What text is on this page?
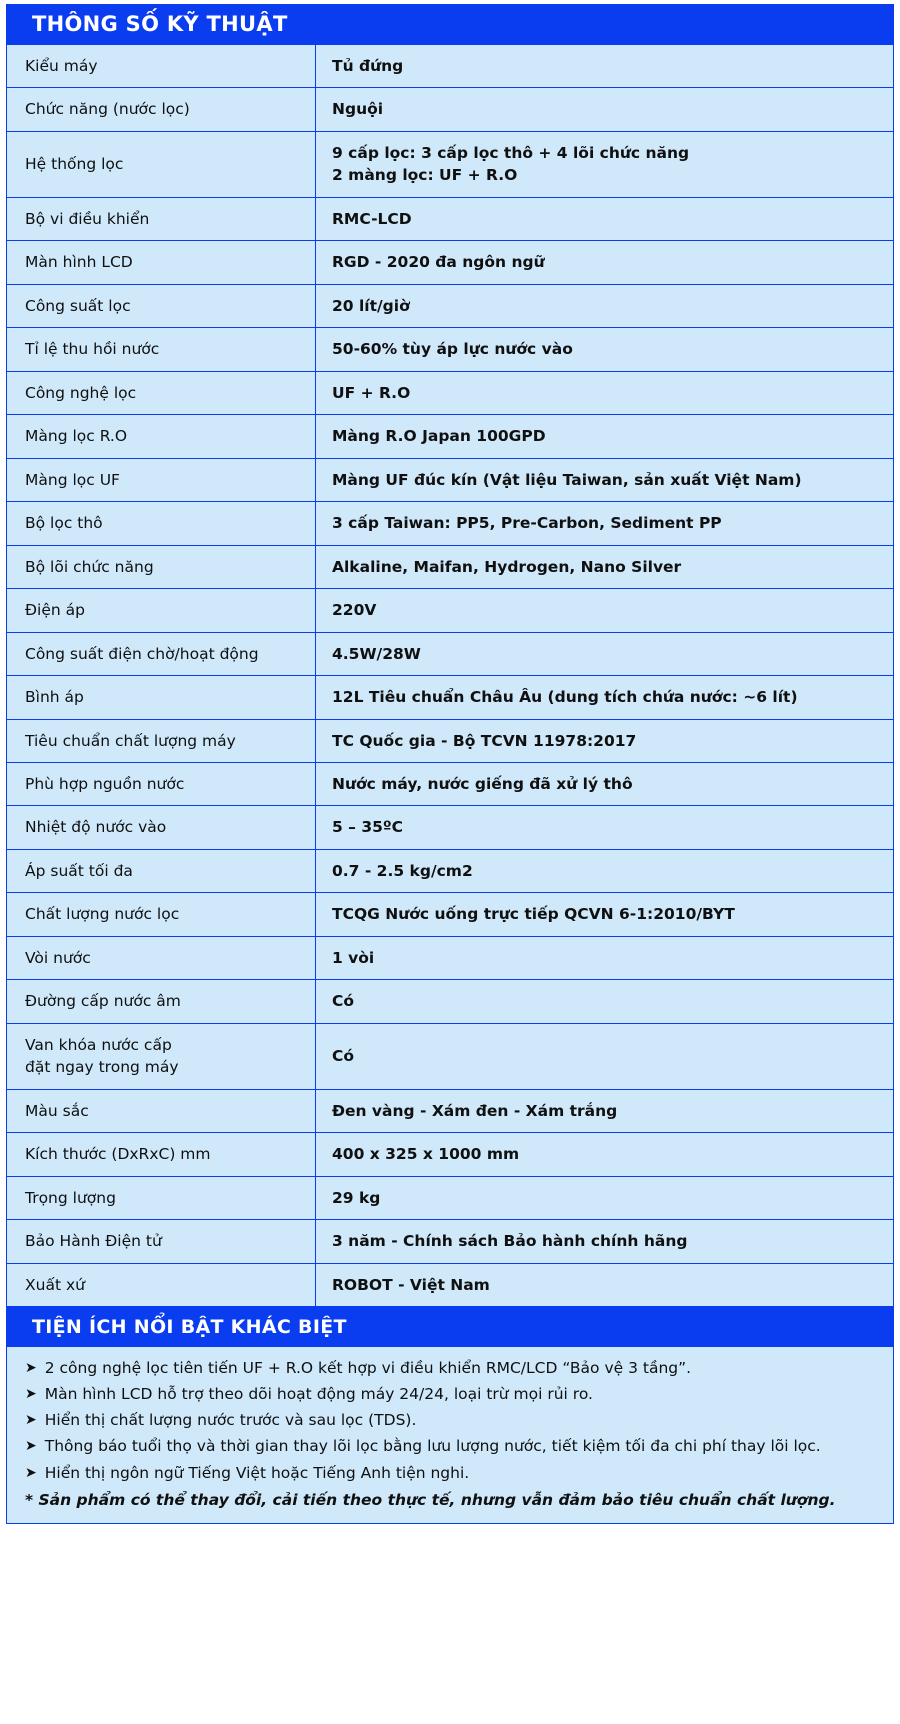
THÔNG SỐ KỸ THUẬT
Kiểu máy	Tủ đứng

Chức năng (nước lọc)	Nguội

Hệ thống lọc	9 cấp lọc: 3 cấp lọc thô + 4 lõi chức năng
2 màng lọc: UF + R.O

Bộ vi điều khiển	RMC-LCD

Màn hình LCD	RGD - 2020 đa ngôn ngữ

Công suất lọc	20 lít/giờ

Tỉ lệ thu hồi nước	50-60% tùy áp lực nước vào

Công nghệ lọc	UF + R.O

Màng lọc R.O	Màng R.O Japan 100GPD

Màng lọc UF	Màng UF đúc kín (Vật liệu Taiwan, sản xuất Việt Nam)

Bộ lọc thô	3 cấp Taiwan: PP5, Pre-Carbon, Sediment PP

Bộ lõi chức năng	Alkaline, Maifan, Hydrogen, Nano Silver

Điện áp	220V

Công suất điện chờ/hoạt động	4.5W/28W

Bình áp	12L Tiêu chuẩn Châu Âu (dung tích chứa nước: ~6 lít)

Tiêu chuẩn chất lượng máy	TC Quốc gia - Bộ TCVN 11978:2017

Phù hợp nguồn nước	Nước máy, nước giếng đã xử lý thô

Nhiệt độ nước vào	5 – 35ºC

Áp suất tối đa	0.7 - 2.5 kg/cm2

Chất lượng nước lọc	TCQG Nước uống trực tiếp QCVN 6-1:2010/BYT

Vòi nước	1 vòi

Đường cấp nước âm	Có

Van khóa nước cấp
đặt ngay trong máy	Có

Màu sắc	Đen vàng - Xám đen - Xám trắng

Kích thước (DxRxC) mm	400 x 325 x 1000 mm

Trọng lượng	29 kg

Bảo Hành Điện tử	3 năm - Chính sách Bảo hành chính hãng

Xuất xứ	ROBOT - Việt Nam
TIỆN ÍCH NỔI BẬT KHÁC BIỆT
➤ 2 công nghệ lọc tiên tiến UF + R.O kết hợp vi điều khiển RMC/LCD “Bảo vệ 3 tầng”.
➤ Màn hình LCD hỗ trợ theo dõi hoạt động máy 24/24, loại trừ mọi rủi ro.
➤ Hiển thị chất lượng nước trước và sau lọc (TDS).
➤ Thông báo tuổi thọ và thời gian thay lõi lọc bằng lưu lượng nước, tiết kiệm tối đa chi phí thay lõi lọc.
➤ Hiển thị ngôn ngữ Tiếng Việt hoặc Tiếng Anh tiện nghi.
* Sản phẩm có thể thay đổi, cải tiến theo thực tế, nhưng vẫn đảm bảo tiêu chuẩn chất lượng.
